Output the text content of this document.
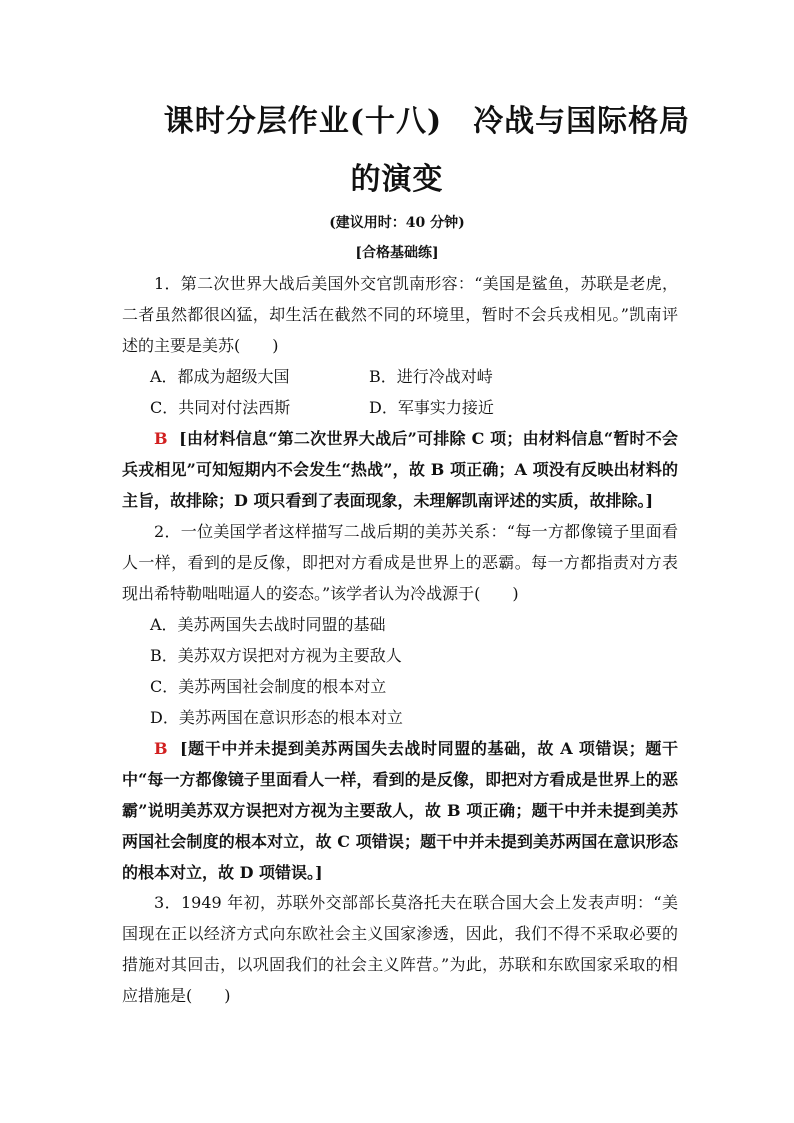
课时分层作业(十八)　冷战与国际格局
的演变
(建议用时：40 分钟)
[合格基础练]

1．第二次世界大战后美国外交官凯南形容：“美国是鲨鱼，苏联是老虎，二者虽然都很凶猛，却生活在截然不同的环境里，暂时不会兵戎相见。”凯南评述的主要是美苏(　　)

A．都成为超级大国	B．进行冷战对峙

C．共同对付法西斯	D．军事实力接近

B [由材料信息“第二次世界大战后”可排除 C 项；由材料信息“暂时不会兵戎相见”可知短期内不会发生“热战”，故 B 项正确；A 项没有反映出材料的主旨，故排除；D 项只看到了表面现象，未理解凯南评述的实质，故排除。]

2．一位美国学者这样描写二战后期的美苏关系：“每一方都像镜子里面看人一样，看到的是反像，即把对方看成是世界上的恶霸。每一方都指责对方表现出希特勒咄咄逼人的姿态。”该学者认为冷战源于(　　)

A．美苏两国失去战时同盟的基础

B．美苏双方误把对方视为主要敌人

C．美苏两国社会制度的根本对立

D．美苏两国在意识形态的根本对立

B [题干中并未提到美苏两国失去战时同盟的基础，故 A 项错误；题干中“每一方都像镜子里面看人一样，看到的是反像，即把对方看成是世界上的恶霸”说明美苏双方误把对方视为主要敌人，故 B 项正确；题干中并未提到美苏两国社会制度的根本对立，故 C 项错误；题干中并未提到美苏两国在意识形态的根本对立，故 D 项错误。]

3．1949 年初，苏联外交部部长莫洛托夫在联合国大会上发表声明：“美国现在正以经济方式向东欧社会主义国家渗透，因此，我们不得不采取必要的措施对其回击，以巩固我们的社会主义阵营。”为此，苏联和东欧国家采取的相应措施是(　　)
